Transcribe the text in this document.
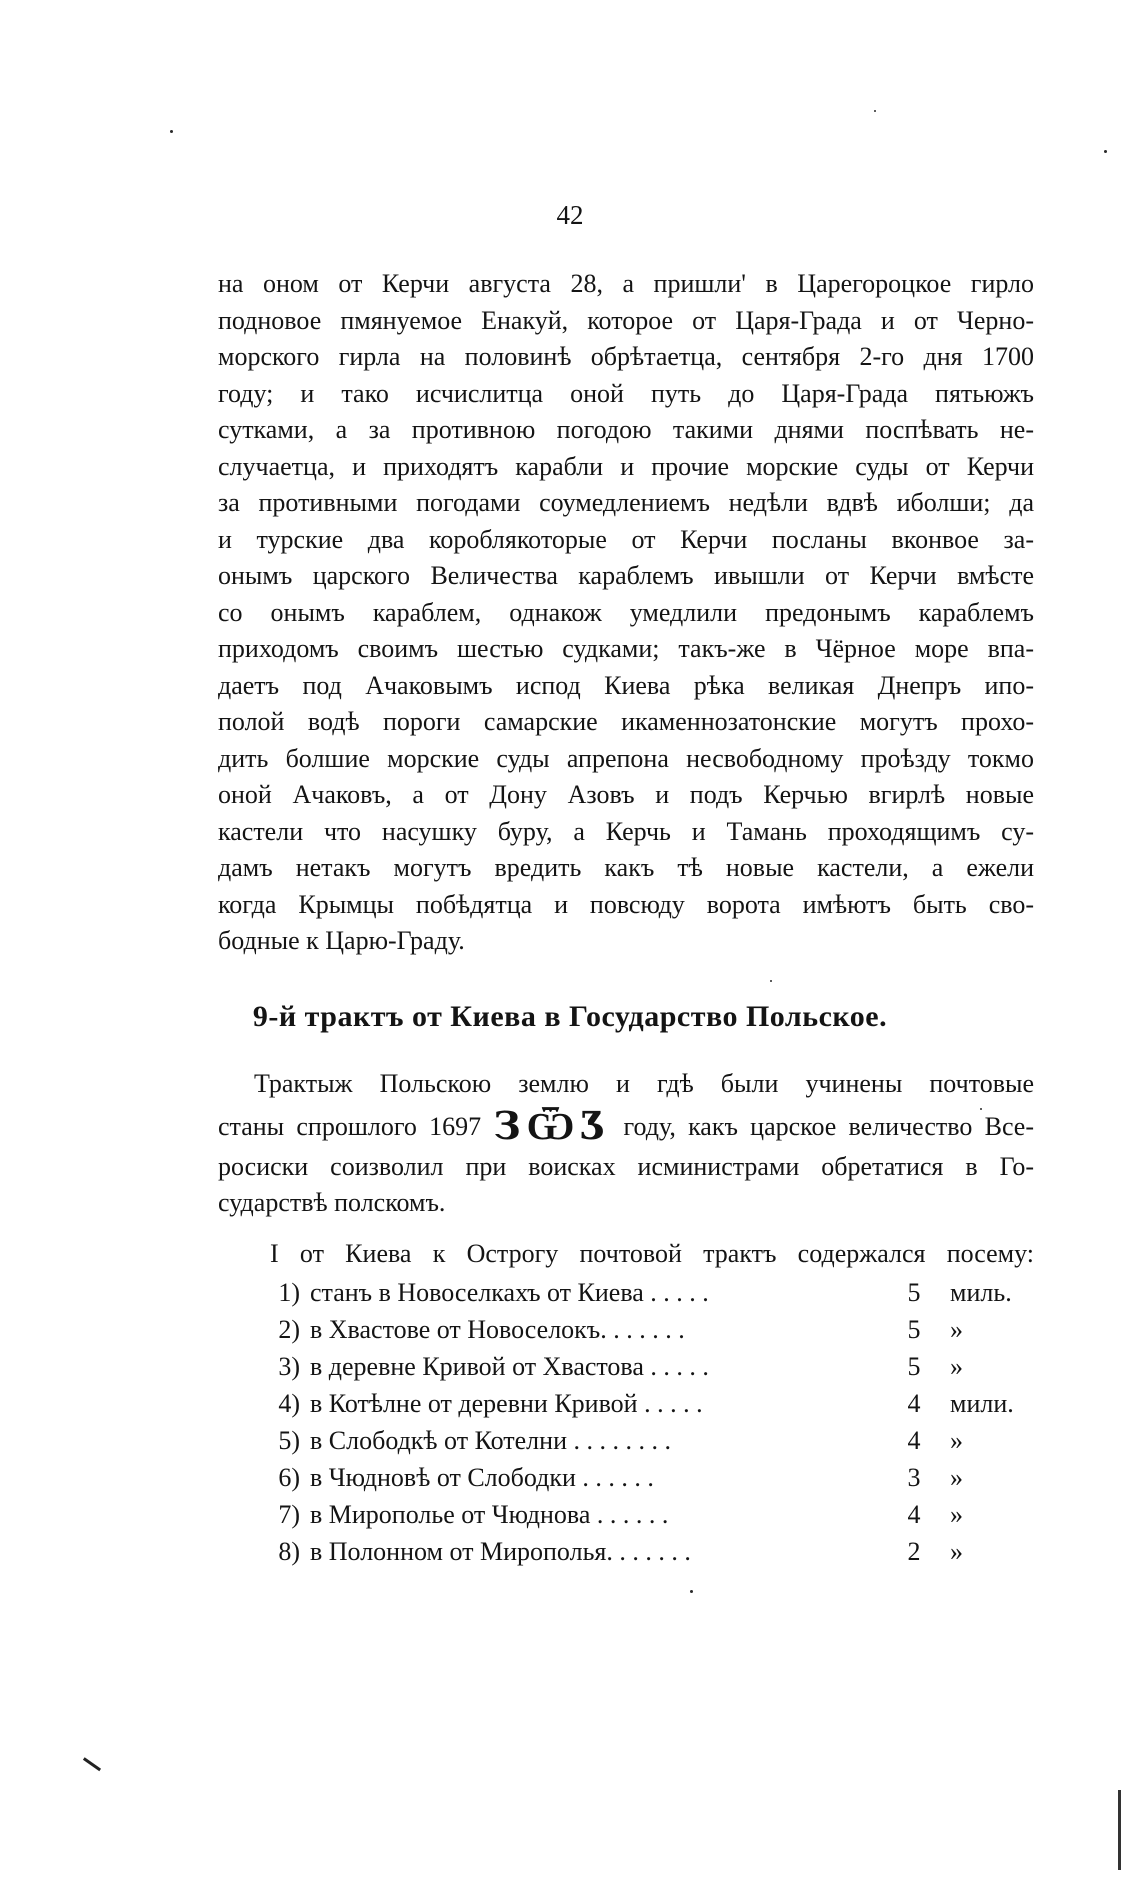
42
на оном от Керчи августа 28, а пришли' в Цaрегороцкое гирло
подновое пмянуемое Енакуй, которое от Царя-Града и от Черно-
морского гирла на половинѣ обрѣтаетца, сентября 2-го дня 1700
году; и тако исчислитца оной путь до Царя-Града пятьюжъ
сутками, а за противною погодою такими днями поспѣвать не-
случаетца, и приходятъ карабли и прочие морские суды от Керчи
за противными погодами соумедлениемъ недѣли вдвѣ иболши; да
и турские два короблякоторые от Керчи посланы вконвое за-
онымъ царского Величества караблемъ ивышли от Керчи вмѣсте
со онымъ караблем, однакож умедлили предонымъ караблемъ
приходомъ своимъ шестью судками; такъ-же в Чёрное море впа-
даетъ под Ачаковымъ испод Киева рѣка великая Днепръ ипо-
полой водѣ пороги самарские икаменнозатонские могутъ прохо-
дить болшие морские суды апрепона несвободному проѣзду токмо
оной Ачаковъ, а от Дону Азовъ и подъ Керчью вгирлѣ новые
кастели что насушку буру, а Керчь и Тамань проходящимъ су-
дамъ нетакъ могутъ вредить какъ тѣ новые кастели, а ежели
когда Крымцы побѣдятца и повсюду ворота имѣютъ быть сво-
бодные к Царю-Граду.
9-й трактъ от Киева в Государство Польское.
Трактыж Польскою землю и гдѣ были учинены почтовые
станы спрошлого 1697 ЗѾӠ году, какъ царское величество Все-
росиски соизволил при воисках исминистрами обретатися в Го-
сударствѣ полскомъ.
I от Киева к Острогу почтовой трактъ содержался посему:
1) станъ в Новоселкахъ от Киева . . . . .	5 миль.
2) в Хвастове от Новоселокъ. . . . . . .	5 »
3) в деревне Кривой от Хвастова . . . . .	5 »
4) в Котѣлне от деревни Кривой . . . . .	4 мили.
5) в Слободкѣ от Котелни . . . . . . . .	4 »
6) в Чюдновѣ от Слободки . . . . . .	3 »
7) в Мирополье от Чюднова . . . . . .	4 »
8) в Полонном от Мирополья. . . . . . .	2 »
